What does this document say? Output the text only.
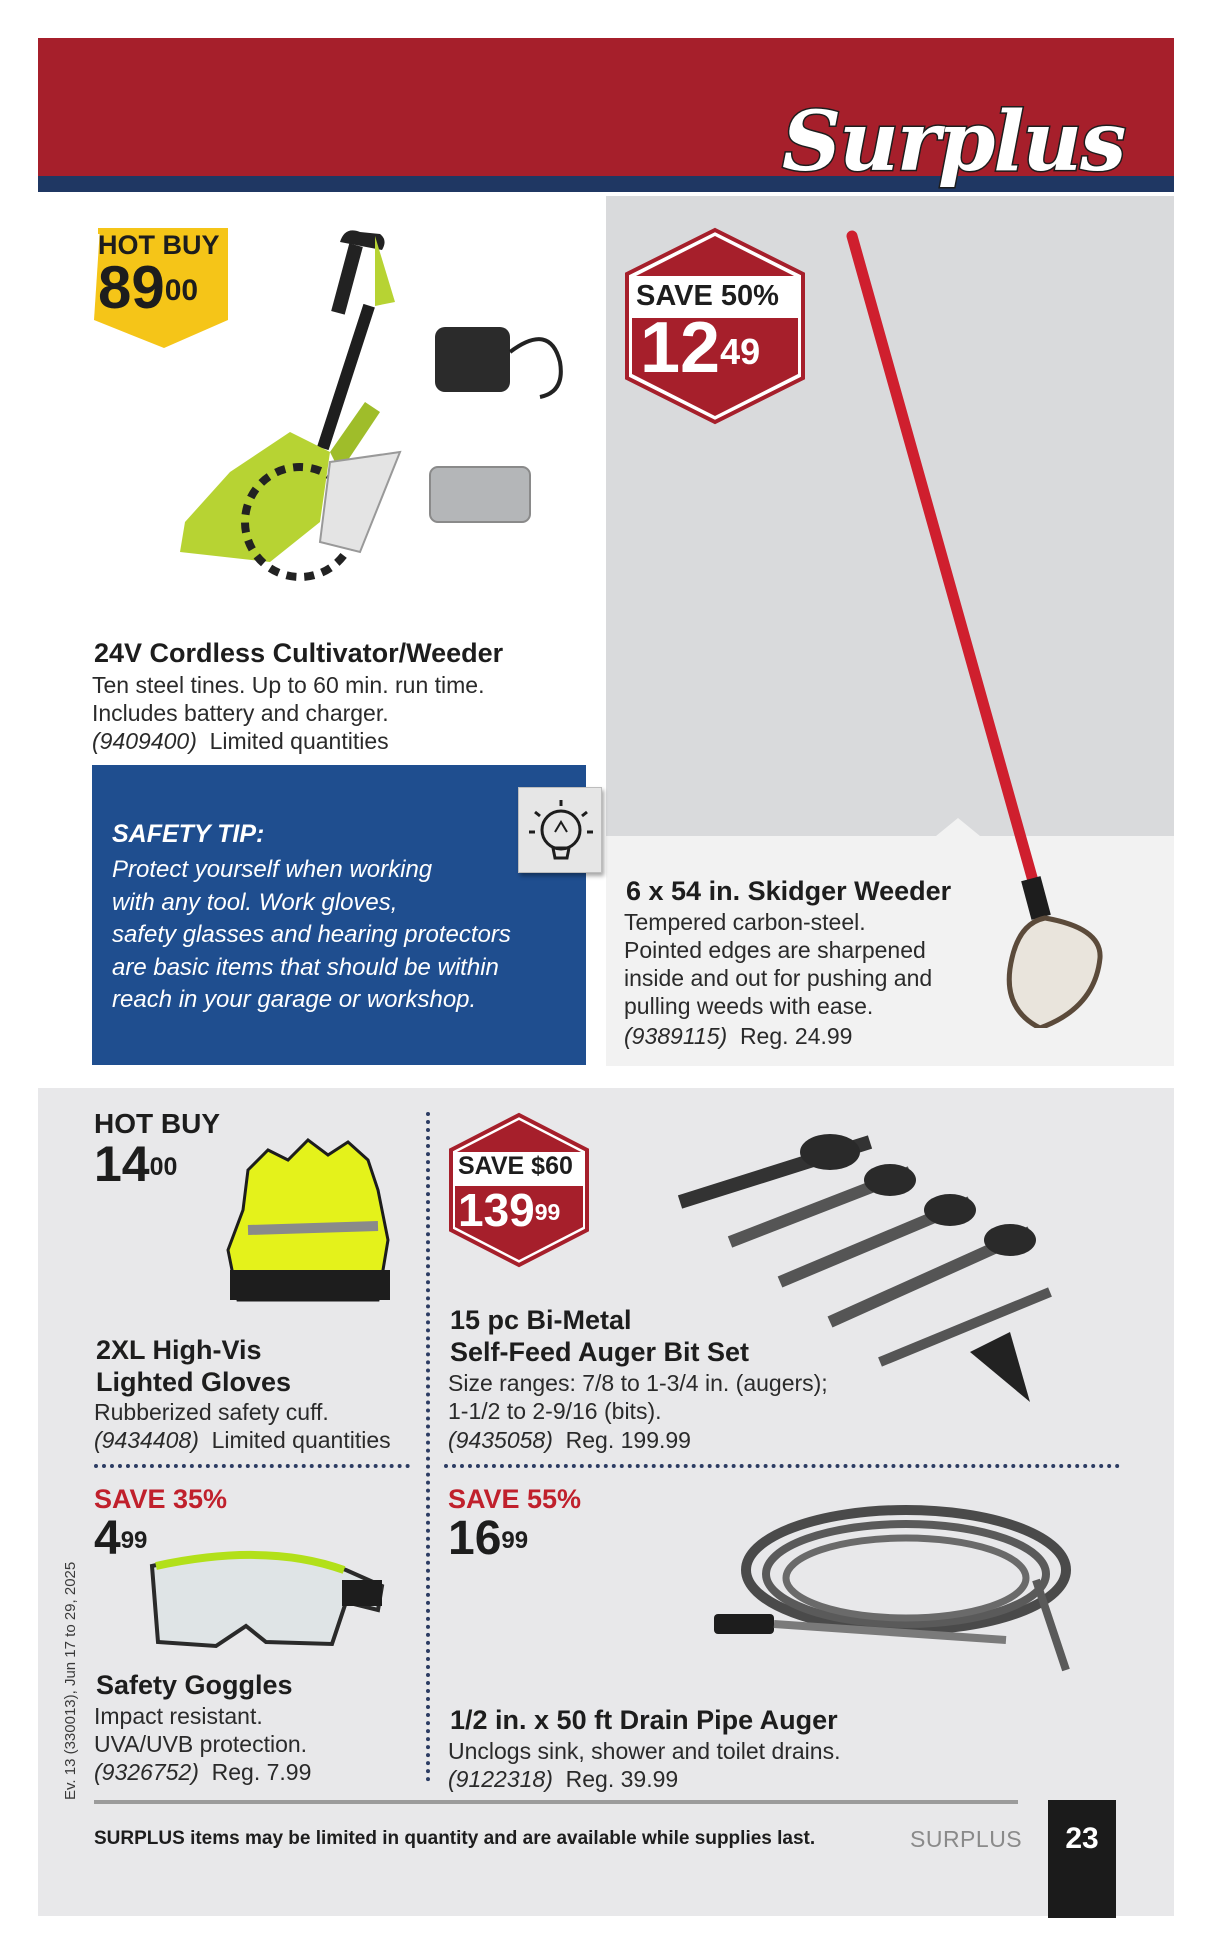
Surplus
HOT BUY
$89^{00}$
24V Cordless Cultivator/Weeder
Ten steel tines. Up to 60 min. run time.
Includes battery and charger.
(9409400) Limited quantities
SAVE 50%
$12^{49}$
6 x 54 in. Skidger Weeder
Tempered carbon-steel.
Pointed edges are sharpened
inside and out for pushing and
pulling weeds with ease.
(9389115) Reg. 24.99
SAFETY TIP:
Protect yourself when working
with any tool. Work gloves,
safety glasses and hearing protectors
are basic items that should be within
reach in your garage or workshop.
HOT BUY
$14^{00}$
2XL High-Vis
Lighted Gloves
Rubberized safety cuff.
(9434408) Limited quantities
SAVE $60
$139^{99}$
15 pc Bi-Metal
Self-Feed Auger Bit Set
Size ranges: 7/8 to 1-3/4 in. (augers);
1-1/2 to 2-9/16 (bits).
(9435058) Reg. 199.99
SAVE 35%
$4^{99}$
Safety Goggles
Impact resistant.
UVA/UVB protection.
(9326752) Reg. 7.99
SAVE 55%
$16^{99}$
1/2 in. x 50 ft Drain Pipe Auger
Unclogs sink, shower and toilet drains.
(9122318) Reg. 39.99
Ev. 13 (330013), Jun 17 to 29, 2025
SURPLUS items may be limited in quantity and are available while supplies last.	SURPLUS	23
